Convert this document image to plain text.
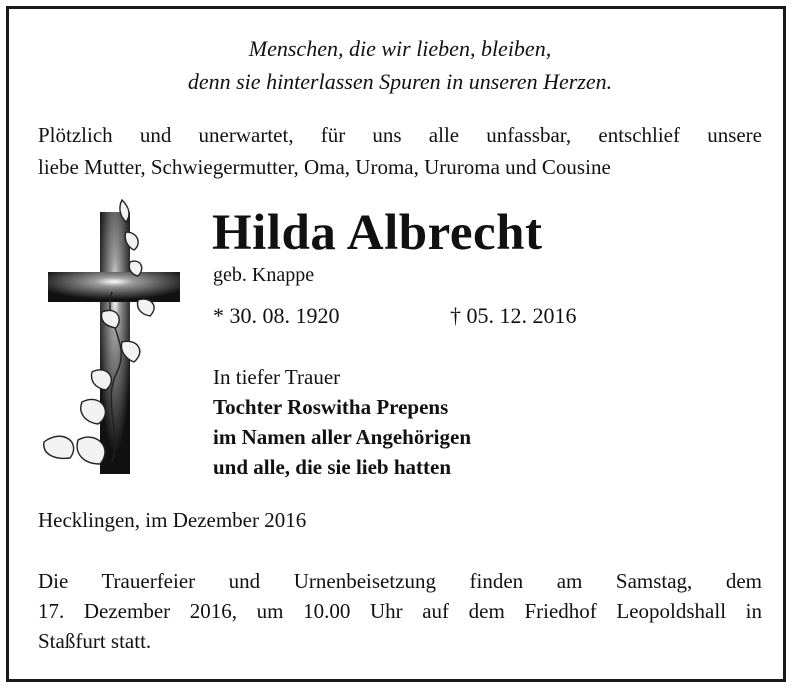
Menschen, die wir lieben, bleiben,
denn sie hinterlassen Spuren in unseren Herzen.
Plötzlich und unerwartet, für uns alle unfassbar, entschlief unsere
liebe Mutter, Schwiegermutter, Oma, Uroma, Ururoma und Cousine
Hilda Albrecht
geb. Knappe
* 30. 08. 1920	† 05. 12. 2016
In tiefer Trauer
Tochter Roswitha Prepens
im Namen aller Angehörigen
und alle, die sie lieb hatten
Hecklingen, im Dezember 2016
Die Trauerfeier und Urnenbeisetzung finden am Samstag, dem
17. Dezember 2016, um 10.00 Uhr auf dem Friedhof Leopoldshall in
Staßfurt statt.
